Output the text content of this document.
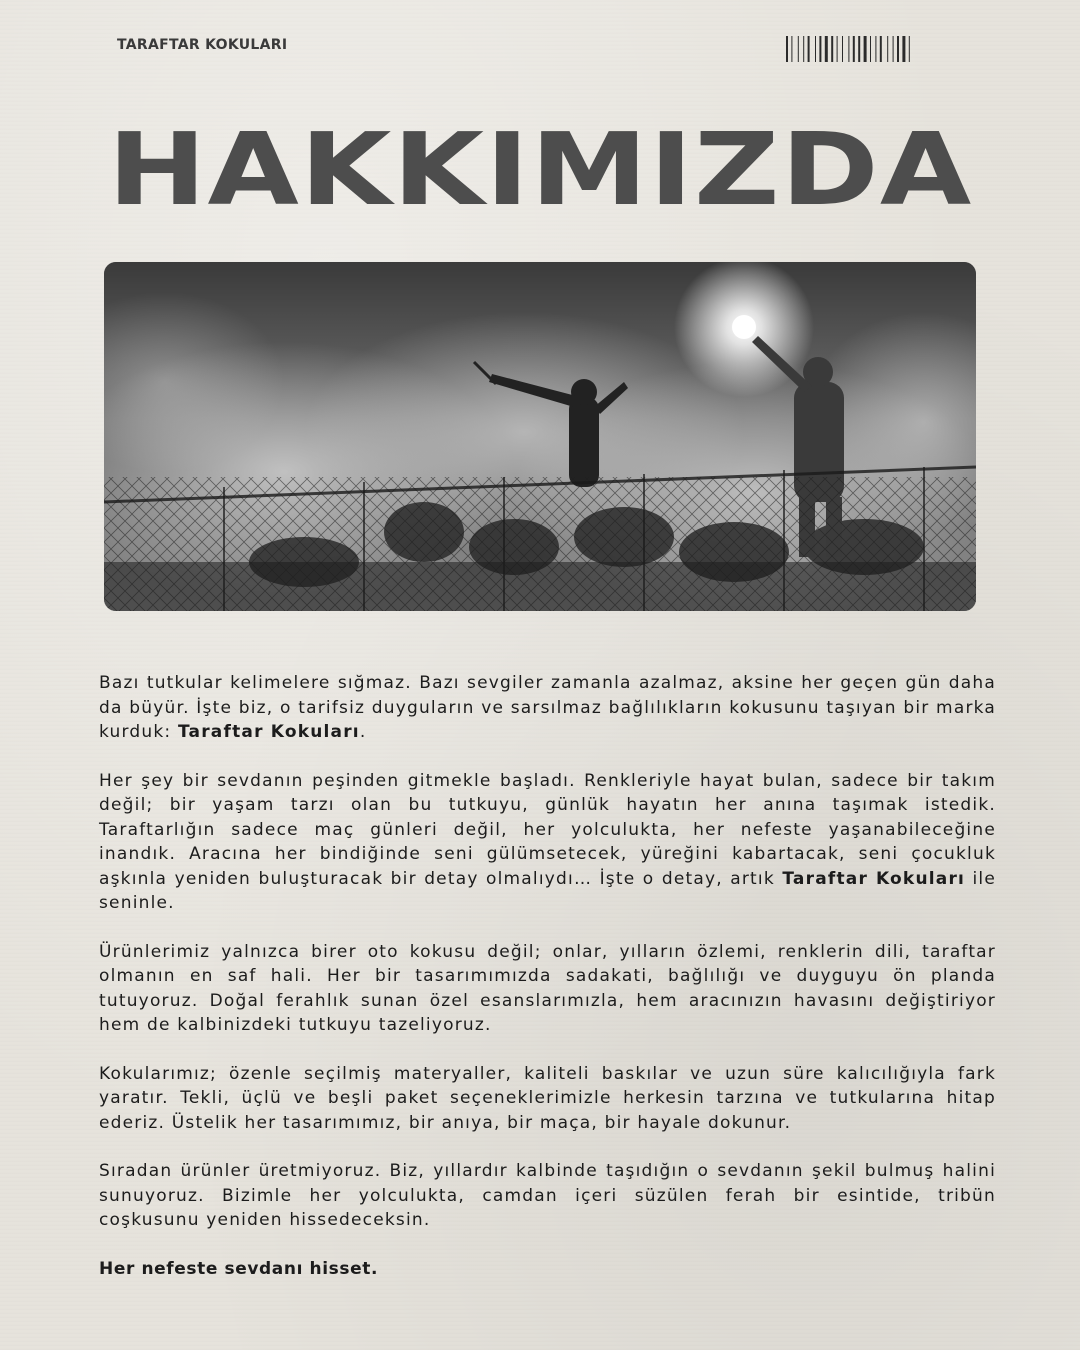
TARAFTAR KOKULARI
HAKKIMIZDA

Bazı tutkular kelimelere sığmaz. Bazı sevgiler zamanla azalmaz, aksine her geçen gün daha da büyür. İşte biz, o tarifsiz duyguların ve sarsılmaz bağlılıkların kokusunu taşıyan bir marka kurduk: Taraftar Kokuları.

Her şey bir sevdanın peşinden gitmekle başladı. Renkleriyle hayat bulan, sadece bir takım değil; bir yaşam tarzı olan bu tutkuyu, günlük hayatın her anına taşımak istedik. Taraftarlığın sadece maç günleri değil, her yolculukta, her nefeste yaşanabileceğine inandık. Aracına her bindiğinde seni gülümsetecek, yüreğini kabartacak, seni çocukluk aşkınla yeniden buluşturacak bir detay olmalıydı… İşte o detay, artık Taraftar Kokuları ile seninle.

Ürünlerimiz yalnızca birer oto kokusu değil; onlar, yılların özlemi, renklerin dili, taraftar olmanın en saf hali. Her bir tasarımımızda sadakati, bağlılığı ve duyguyu ön planda tutuyoruz. Doğal ferahlık sunan özel esanslarımızla, hem aracınızın havasını değiştiriyor hem de kalbinizdeki tutkuyu tazeliyoruz.

Kokularımız; özenle seçilmiş materyaller, kaliteli baskılar ve uzun süre kalıcılığıyla fark yaratır. Tekli, üçlü ve beşli paket seçeneklerimizle herkesin tarzına ve tutkularına hitap ederiz. Üstelik her tasarımımız, bir anıya, bir maça, bir hayale dokunur.

Sıradan ürünler üretmiyoruz. Biz, yıllardır kalbinde taşıdığın o sevdanın şekil bulmuş halini sunuyoruz. Bizimle her yolculukta, camdan içeri süzülen ferah bir esintide, tribün coşkusunu yeniden hissedeceksin.

Her nefeste sevdanı hisset.
